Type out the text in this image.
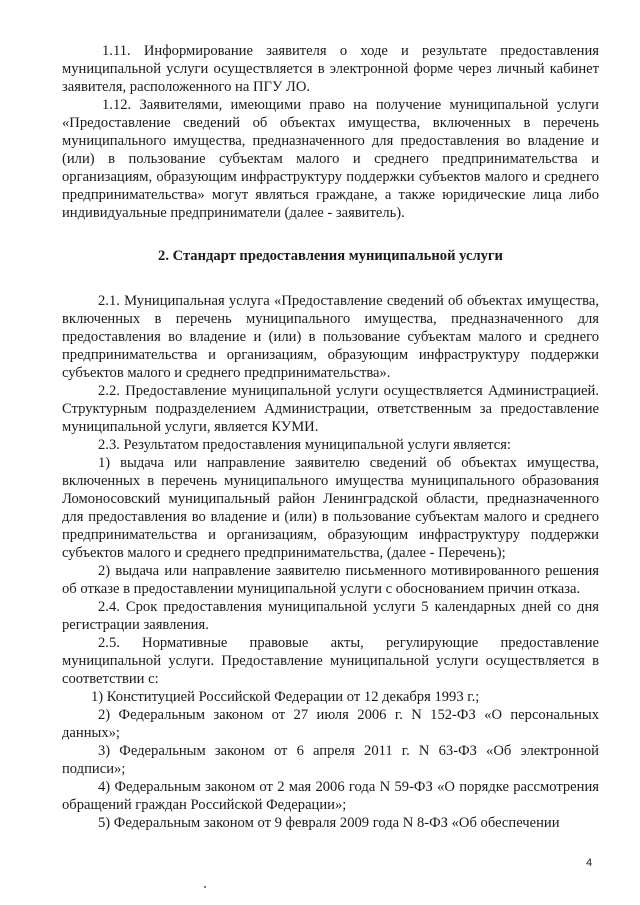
1.11. Информирование заявителя о ходе и результате предоставления муниципальной услуги осуществляется в электронной форме через личный кабинет заявителя, расположенного на ПГУ ЛО.

1.12. Заявителями, имеющими право на получение муниципальной услуги «Предоставление сведений об объектах имущества, включенных в перечень муниципального имущества, предназначенного для предоставления во владение и (или) в пользование субъектам малого и среднего предпринимательства и организациям, образующим инфраструктуру поддержки субъектов малого и среднего предпринимательства» могут являться граждане, а также юридические лица либо индивидуальные предприниматели (далее - заявитель).

2. Стандарт предоставления муниципальной услуги

2.1. Муниципальная услуга «Предоставление сведений об объектах имущества, включенных в перечень муниципального имущества, предназначенного для предоставления во владение и (или) в пользование субъектам малого и среднего предпринимательства и организациям, образующим инфраструктуру поддержки субъектов малого и среднего предпринимательства».

2.2. Предоставление муниципальной услуги осуществляется Администрацией. Структурным подразделением Администрации, ответственным за предоставление муниципальной услуги, является КУМИ.

2.3. Результатом предоставления муниципальной услуги является:

1) выдача или направление заявителю сведений об объектах имущества, включенных в перечень муниципального имущества муниципального образования Ломоносовский муниципальный район Ленинградской области, предназначенного для предоставления во владение и (или) в пользование субъектам малого и среднего предпринимательства и организациям, образующим инфраструктуру поддержки субъектов малого и среднего предпринимательства, (далее - Перечень);

2) выдача или направление заявителю письменного мотивированного решения об отказе в предоставлении муниципальной услуги с обоснованием причин отказа.

2.4. Срок предоставления муниципальной услуги 5 календарных дней со дня регистрации заявления.

2.5. Нормативные правовые акты, регулирующие предоставление муниципальной услуги. Предоставление муниципальной услуги осуществляется в соответствии с:

1) Конституцией Российской Федерации от 12 декабря 1993 г.;

2) Федеральным законом от 27 июля 2006 г. N 152-ФЗ «О персональных данных»;

3) Федеральным законом от 6 апреля 2011 г. N 63-ФЗ «Об электронной подписи»;

4) Федеральным законом от 2 мая 2006 года N 59-ФЗ «О порядке рассмотрения обращений граждан Российской Федерации»;

5) Федеральным законом от 9 февраля 2009 года N 8-ФЗ «Об обеспечении

4
